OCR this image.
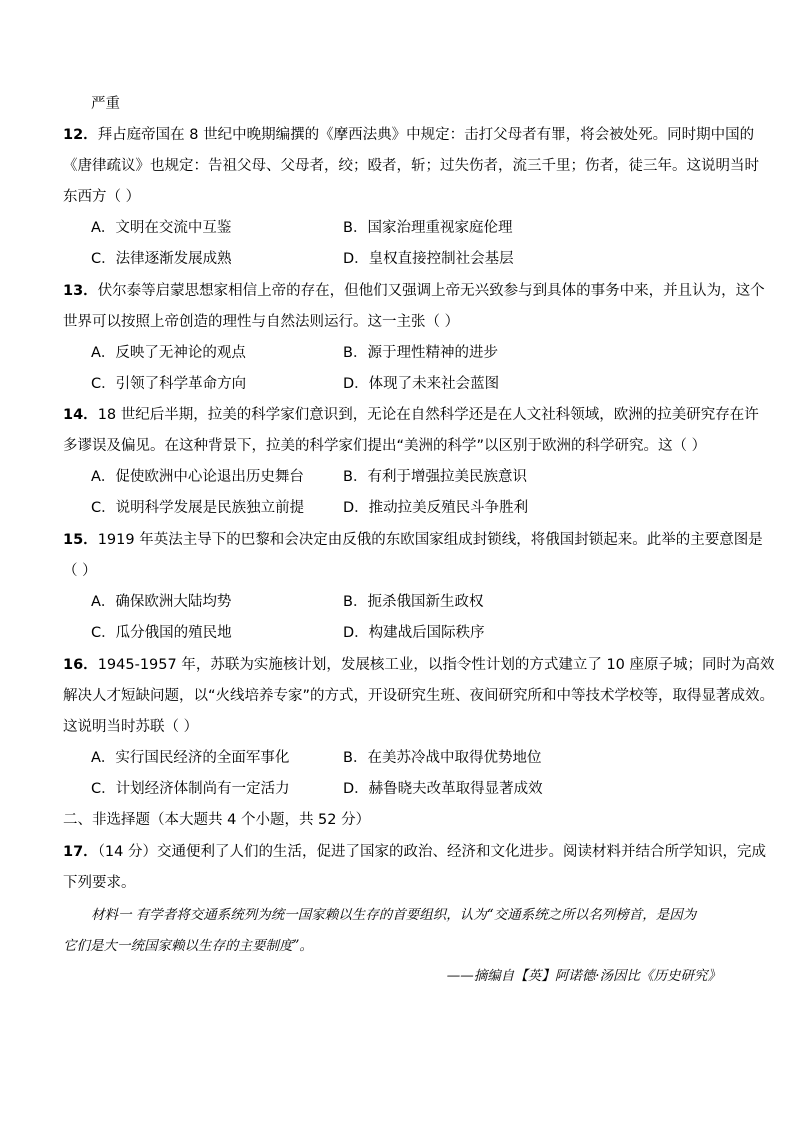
严重
12．拜占庭帝国在 8 世纪中晚期编撰的《摩西法典》中规定：击打父母者有罪，将会被处死。同时期中国的
《唐律疏议》也规定：告祖父母、父母者，绞；殴者，斩；过失伤者，流三千里；伤者，徒三年。这说明当时
东西方（ ）
A．文明在交流中互鉴	B．国家治理重视家庭伦理
C．法律逐渐发展成熟	D．皇权直接控制社会基层
13．伏尔泰等启蒙思想家相信上帝的存在，但他们又强调上帝无兴致参与到具体的事务中来，并且认为，这个
世界可以按照上帝创造的理性与自然法则运行。这一主张（ ）
A．反映了无神论的观点	B．源于理性精神的进步
C．引领了科学革命方向	D．体现了未来社会蓝图
14．18 世纪后半期，拉美的科学家们意识到，无论在自然科学还是在人文社科领域，欧洲的拉美研究存在许
多谬误及偏见。在这种背景下，拉美的科学家们提出“美洲的科学”以区别于欧洲的科学研究。这（ ）
A．促使欧洲中心论退出历史舞台	B．有利于增强拉美民族意识
C．说明科学发展是民族独立前提	D．推动拉美反殖民斗争胜利
15．1919 年英法主导下的巴黎和会决定由反俄的东欧国家组成封锁线，将俄国封锁起来。此举的主要意图是
（ ）
A．确保欧洲大陆均势	B．扼杀俄国新生政权
C．瓜分俄国的殖民地	D．构建战后国际秩序
16．1945-1957 年，苏联为实施核计划，发展核工业，以指令性计划的方式建立了 10 座原子城；同时为高效
解决人才短缺问题，以“火线培养专家”的方式，开设研究生班、夜间研究所和中等技术学校等，取得显著成效。
这说明当时苏联（ ）
A．实行国民经济的全面军事化	B．在美苏冷战中取得优势地位
C．计划经济体制尚有一定活力	D．赫鲁晓夫改革取得显著成效
二、非选择题（本大题共 4 个小题，共 52 分）
17．（14 分）交通便利了人们的生活，促进了国家的政治、经济和文化进步。阅读材料并结合所学知识，完成
下列要求。
材料一 有学者将交通系统列为统一国家赖以生存的首要组织，认为“交通系统之所以名列榜首，是因为
它们是大一统国家赖以生存的主要制度”。
——摘编自【英】阿诺德·汤因比《历史研究》
